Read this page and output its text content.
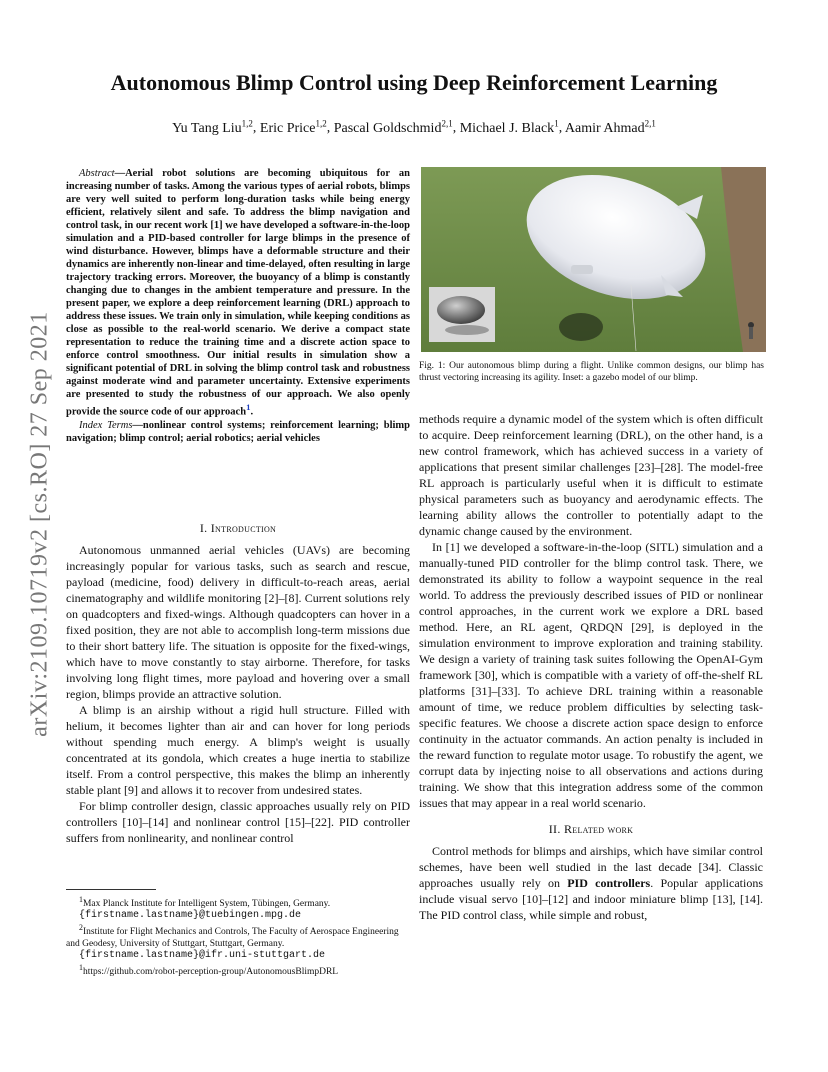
arXiv:2109.10719v2 [cs.RO] 27 Sep 2021
Autonomous Blimp Control using Deep Reinforcement Learning
Yu Tang Liu$^{1,2}$, Eric Price$^{1,2}$, Pascal Goldschmid$^{2,1}$, Michael J. Black$^1$, Aamir Ahmad$^{2,1}$

Abstract—Aerial robot solutions are becoming ubiquitous for an increasing number of tasks. Among the various types of aerial robots, blimps are very well suited to perform long-duration tasks while being energy efficient, relatively silent and safe. To address the blimp navigation and control task, in our recent work [1] we have developed a software-in-the-loop simulation and a PID-based controller for large blimps in the presence of wind disturbance. However, blimps have a deformable structure and their dynamics are inherently non-linear and time-delayed, often resulting in large trajectory tracking errors. Moreover, the buoyancy of a blimp is constantly changing due to changes in the ambient temperature and pressure. In the present paper, we explore a deep reinforcement learning (DRL) approach to address these issues. We train only in simulation, while keeping conditions as close as possible to the real-world scenario. We derive a compact state representation to reduce the training time and a discrete action space to enforce control smoothness. Our initial results in simulation show a significant potential of DRL in solving the blimp control task and robustness against moderate wind and parameter uncertainty. Extensive experiments are presented to study the robustness of our approach. We also openly provide the source code of our approach$^1$.

Index Terms—nonlinear control systems; reinforcement learning; blimp navigation; blimp control; aerial robotics; aerial vehicles

I. Introduction

Autonomous unmanned aerial vehicles (UAVs) are becoming increasingly popular for various tasks, such as search and rescue, payload (medicine, food) delivery in difficult-to-reach areas, aerial cinematography and wildlife monitoring [2]–[8]. Current solutions rely on quadcopters and fixed-wings. Although quadcopters can hover in a fixed position, they are not able to accomplish long-term missions due to their short battery life. The situation is opposite for the fixed-wings, which have to move constantly to stay airborne. Therefore, for tasks involving long flight times, more payload and hovering over a small region, blimps provide an attractive solution.

A blimp is an airship without a rigid hull structure. Filled with helium, it becomes lighter than air and can hover for long periods without spending much energy. A blimp's weight is usually concentrated at its gondola, which creates a huge inertia to stabilize itself. From a control perspective, this makes the blimp an inherently stable plant [9] and allows it to recover from undesired states.

For blimp controller design, classic approaches usually rely on PID controllers [10]–[14] and nonlinear control [15]–[22]. PID controller suffers from nonlinearity, and nonlinear control

$^1$Max Planck Institute for Intelligent System, Tübingen, Germany.
{firstname.lastname}@tuebingen.mpg.de
$^2$Institute for Flight Mechanics and Controls, The Faculty of Aerospace Engineering and Geodesy, University of Stuttgart, Stuttgart, Germany.
{firstname.lastname}@ifr.uni-stuttgart.de
$^1$https://github.com/robot-perception-group/AutonomousBlimpDRL
Fig. 1: Our autonomous blimp during a flight. Unlike common designs, our blimp has thrust vectoring increasing its agility. Inset: a gazebo model of our blimp.

methods require a dynamic model of the system which is often difficult to acquire. Deep reinforcement learning (DRL), on the other hand, is a new control framework, which has achieved success in a variety of applications that present similar challenges [23]–[28]. The model-free RL approach is particularly useful when it is difficult to estimate physical parameters such as buoyancy and aerodynamic effects. The learning ability allows the controller to potentially adapt to the dynamic change caused by the environment.

In [1] we developed a software-in-the-loop (SITL) simulation and a manually-tuned PID controller for the blimp control task. There, we demonstrated its ability to follow a waypoint sequence in the real world. To address the previously described issues of PID or nonlinear control approaches, in the current work we explore a DRL based method. Here, an RL agent, QRDQN [29], is deployed in the simulation environment to improve exploration and training stability. We design a variety of training task suites following the OpenAI-Gym framework [30], which is compatible with a variety of off-the-shelf RL platforms [31]–[33]. To achieve DRL training within a reasonable amount of time, we reduce problem difficulties by selecting task-specific features. We choose a discrete action space design to enforce continuity in the actuator commands. An action penalty is included in the reward function to regulate motor usage. To robustify the agent, we corrupt data by injecting noise to all observations and actions during training. We show that this integration address some of the common issues that may appear in a real world scenario.

II. Related work

Control methods for blimps and airships, which have similar control schemes, have been well studied in the last decade [34]. Classic approaches usually rely on PID controllers. Popular applications include visual servo [10]–[12] and indoor miniature blimp [13], [14]. The PID control class, while simple and robust,
